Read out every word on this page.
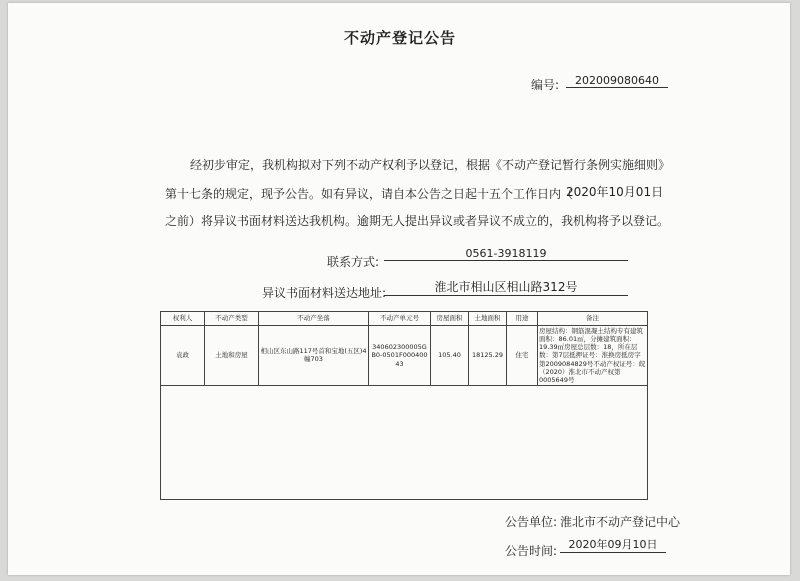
不动产登记公告
编号:	202009080640
经初步审定，我机构拟对下列不动产权利予以登记，根据《不动产登记暂行条例实施细则》
第十七条的规定，现予公告。如有异议，请自本公告之日起十五个工作日内（
2020年10月01日
之前）将异议书面材料送达我机构。逾期无人提出异议或者异议不成立的，我机构将予以登记。
联系方式:
0561-3918119
异议书面材料送达地址:	淮北市相山区相山路312号
权利人	不动产类型	不动产坐落	不动产单元号	房屋面积	土地面积	用途	备注
袁政	土地和房屋	相山区东山路117号首和宝地(五区)4幢703	340602300005GB0-0501F00040043	105.40	18125.29	住宅	房屋结构：钢筋混凝土结构专有建筑面积：86.01㎡，分摊建筑面积：19.39㎡房屋总层数：18，所在层数：第7层抵押证号：淮换房抵房字第2009084829号不动产权证号：皖（2020）淮北市不动产权第0005649号

公告单位: 淮北市不动产登记中心
公告时间:	2020年09月10日
